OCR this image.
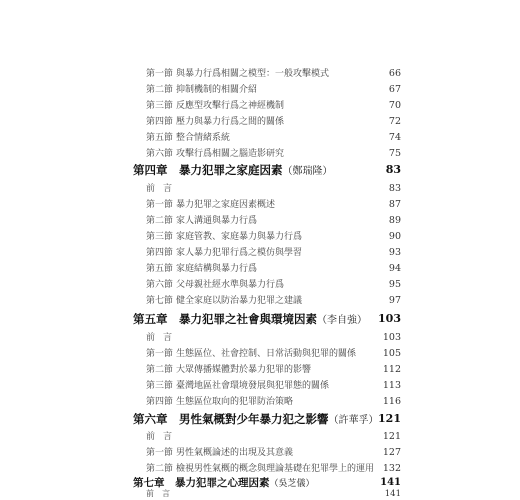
第一節 與暴力行爲相關之模型：一般攻擊模式	66
第二節 抑制機制的相關介紹	67
第三節 反應型攻擊行爲之神經機制	70
第四節 壓力與暴力行爲之間的關係	72
第五節 整合情緒系統	74
第六節 攻擊行爲相關之腦造影研究	75
第四章　暴力犯罪之家庭因素（鄭瑞隆）	83
前言	83
第一節 暴力犯罪之家庭因素概述	87
第二節 家人溝通與暴力行爲	89
第三節 家庭管教、家庭暴力與暴力行爲	90
第四節 家人暴力犯罪行爲之模仿與學習	93
第五節 家庭結構與暴力行爲	94
第六節 父母親社經水準與暴力行爲	95
第七節 健全家庭以防治暴力犯罪之建議	97
第五章　暴力犯罪之社會與環境因素（李自強） 103
前言	103
第一節 生態區位、社會控制、日常活動與犯罪的關係	105
第二節 大眾傳播媒體對於暴力犯罪的影響	112
第三節 臺灣地區社會環境發展與犯罪態的關係	113
第四節 生態區位取向的犯罪防治策略	116
第六章　男性氣概對少年暴力犯之影響（許華孚） 121
前言	121
第一節 男性氣概論述的出現及其意義	127
第二節 檢視男性氣概的概念與理論基礎在犯罪學上的運用 132
第七章　暴力犯罪之心理因素（吳芝儀）	141
前言	141
